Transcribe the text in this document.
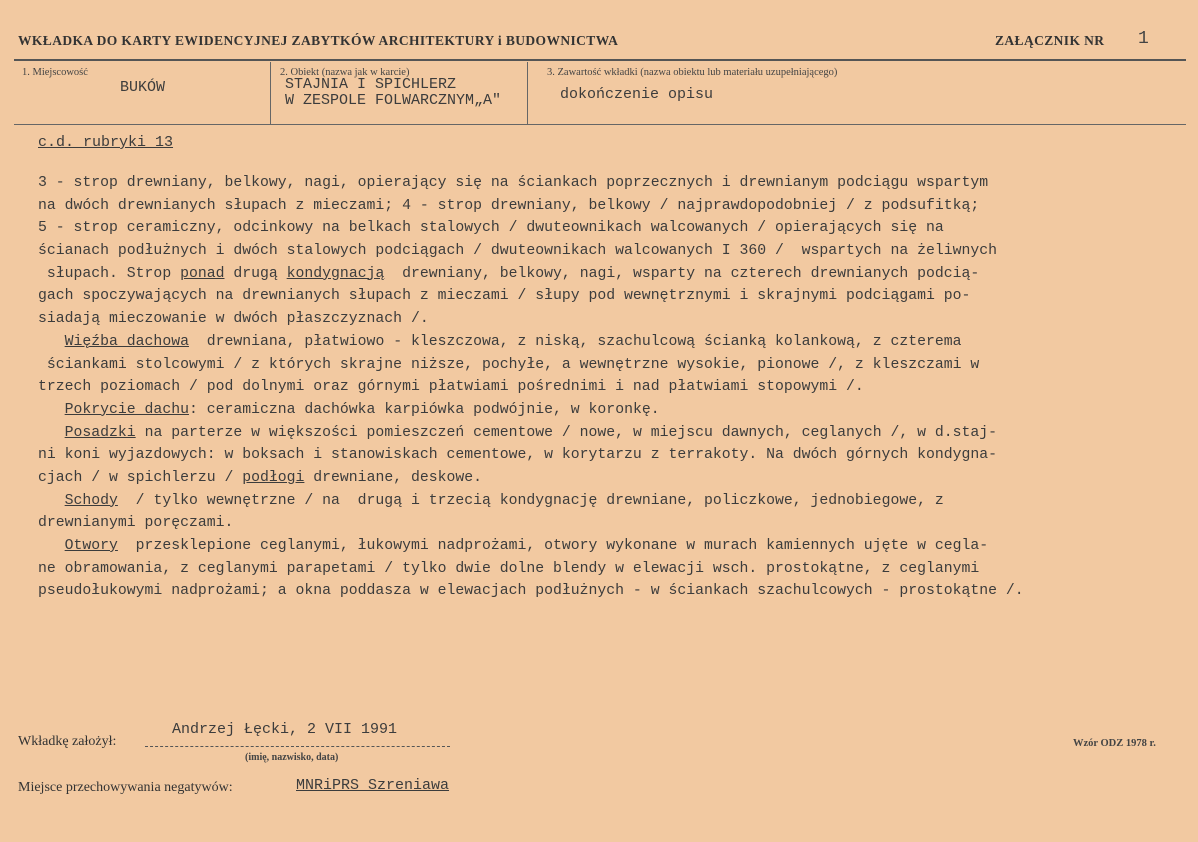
WKŁADKA DO KARTY EWIDENCYJNEJ ZABYTKÓW ARCHITEKTURY i BUDOWNICTWA	ZAŁĄCZNIK NR 1
1. Miejscowość
BUKÓW
2. Obiekt (nazwa jak w karcie)
STAJNIA I SPICHLERZ
W ZESPOLE FOLWARCZNYM„A"
3. Zawartość wkładki (nazwa obiektu lub materiału uzupełniającego)
dokończenie opisu
c.d. rubryki 13
3 - strop drewniany, belkowy, nagi, opierający się na ściankach poprzecznych i drewnianym podciągu wspartym
na dwóch drewnianych słupach z mieczami; 4 - strop drewniany, belkowy / najprawdopodobniej / z podsufitką;
5 - strop ceramiczny, odcinkowy na belkach stalowych / dwuteownikach walcowanych / opierających się na
ścianach podłużnych i dwóch stalowych podciągach / dwuteownikach walcowanych I 360 /  wspartych na żeliwnych
słupach. Strop ponad drugą kondygnacją  drewniany, belkowy, nagi, wsparty na czterech drewnianych podcią-
gach spoczywających na drewnianych słupach z mieczami / słupy pod wewnętrznymi i skrajnymi podciągami po-
siadają mieczowanie w dwóch płaszczyznach /.
Więźba dachowa  drewniana, płatwiowo - kleszczowa, z niską, szachulcową ścianką kolankową, z czterema
ściankami stolcowymi / z których skrajne niższe, pochyłe, a wewnętrzne wysokie, pionowe /, z kleszczami w
trzech poziomach / pod dolnymi oraz górnymi płatwiami pośrednimi i nad płatwiami stopowymi /.
Pokrycie dachu: ceramiczna dachówka karpiówka podwójnie, w koronkę.
Posadzki na parterze w większości pomieszczeń cementowe / nowe, w miejscu dawnych, ceglanych /, w d.staj-
ni koni wyjazdowych: w boksach i stanowiskach cementowe, w korytarzu z terrakoty. Na dwóch górnych kondygna-
cjach / w spichlerzu / podłogi drewniane, deskowe.
Schody  / tylko wewnętrzne / na  drugą i trzecią kondygnację drewniane, policzkowe, jednobiegowe, z
drewnianymi poręczami.
Otwory  przesklepione ceglanymi, łukowymi nadprożami, otwory wykonane w murach kamiennych ujęte w cegla-
ne obramowania, z ceglanymi parapetami / tylko dwie dolne blendy w elewacji wsch. prostokątne, z ceglanymi
pseudołukowymi nadprożami; a okna poddasza w elewacjach podłużnych - w ściankach szachulcowych - prostokątne /.
Wkładkę założył:
Andrzej Łęcki, 2 VII 1991
(imię, nazwisko, data)
Wzór ODZ 1978 r.
Miejsce przechowywania negatywów:	MNRiPRS Szreniawa
